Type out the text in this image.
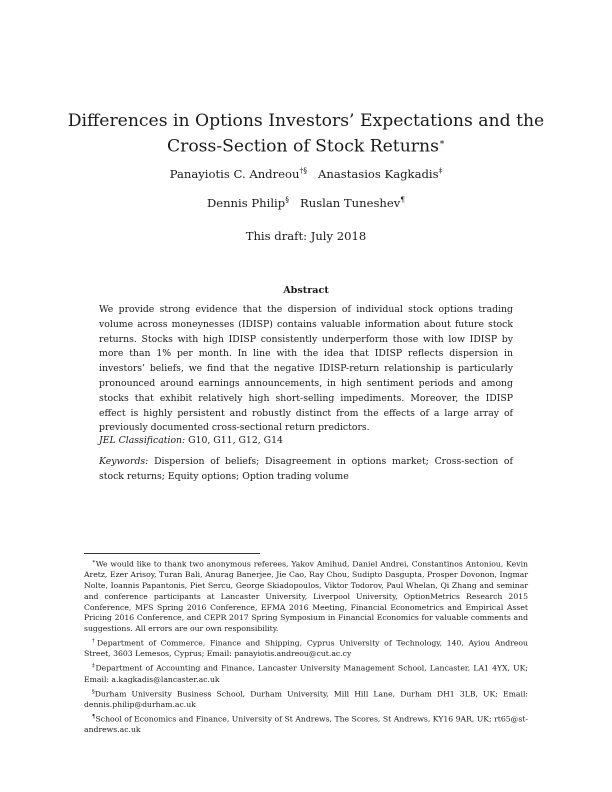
Differences in Options Investors’ Expectations and the
Cross-Section of Stock Returns∗

Panayiotis C. Andreou†§ Anastasios Kagkadis‡

Dennis Philip§ Ruslan Tuneshev¶

This draft: July 2018

Abstract

We provide strong evidence that the dispersion of individual stock options trading volume across moneynesses (IDISP) contains valuable information about future stock returns. Stocks with high IDISP consistently underperform those with low IDISP by more than 1% per month. In line with the idea that IDISP reflects dispersion in investors’ beliefs, we find that the negative IDISP-return relationship is particularly pronounced around earnings announcements, in high sentiment periods and among stocks that exhibit relatively high short-selling impediments. Moreover, the IDISP effect is highly persistent and robustly distinct from the effects of a large array of previously documented cross-sectional return predictors.

JEL Classification: G10, G11, G12, G14

Keywords: Dispersion of beliefs; Disagreement in options market; Cross-section of stock returns; Equity options; Option trading volume

∗We would like to thank two anonymous referees, Yakov Amihud, Daniel Andrei, Constantinos Antoniou, Kevin Aretz, Ezer Arisoy, Turan Bali, Anurag Banerjee, Jie Cao, Ray Chou, Sudipto Dasgupta, Prosper Dovonon, Ingmar Nolte, Ioannis Papantonis, Piet Sercu, George Skiadopoulos, Viktor Todorov, Paul Whelan, Qi Zhang and seminar and conference participants at Lancaster University, Liverpool University, OptionMetrics Research 2015 Conference, MFS Spring 2016 Conference, EFMA 2016 Meeting, Financial Econometrics and Empirical Asset Pricing 2016 Conference, and CEPR 2017 Spring Symposium in Financial Economics for valuable comments and suggestions. All errors are our own responsibility.

†Department of Commerce, Finance and Shipping, Cyprus University of Technology, 140, Ayiou Andreou Street, 3603 Lemesos, Cyprus; Email: panayiotis.andreou@cut.ac.cy

‡Department of Accounting and Finance, Lancaster University Management School, Lancaster, LA1 4YX, UK; Email: a.kagkadis@lancaster.ac.uk

§Durham University Business School, Durham University, Mill Hill Lane, Durham DH1 3LB, UK; Email: dennis.philip@durham.ac.uk

¶School of Economics and Finance, University of St Andrews, The Scores, St Andrews, KY16 9AR, UK; rt65@st-andrews.ac.uk
